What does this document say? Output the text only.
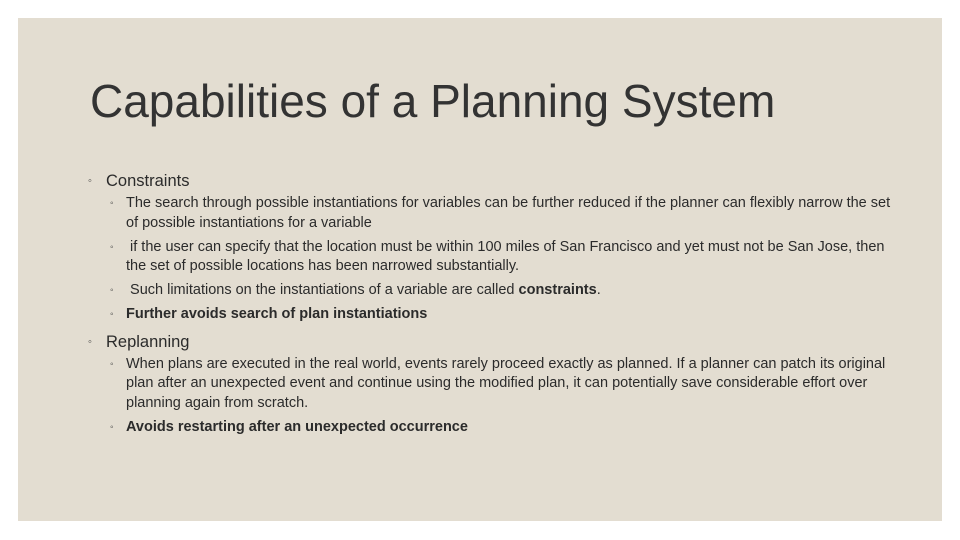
Capabilities of a Planning System
◦ Constraints
◦ The search through possible instantiations for variables can be further reduced if the planner can flexibly narrow the set of possible instantiations for a variable
◦ if the user can specify that the location must be within 100 miles of San Francisco and yet must not be San Jose, then the set of possible locations has been narrowed substantially.
◦ Such limitations on the instantiations of a variable are called constraints.
◦ Further avoids search of plan instantiations
◦ Replanning
◦ When plans are executed in the real world, events rarely proceed exactly as planned. If a planner can patch its original plan after an unexpected event and continue using the modified plan, it can potentially save considerable effort over planning again from scratch.
◦ Avoids restarting after an unexpected occurrence
